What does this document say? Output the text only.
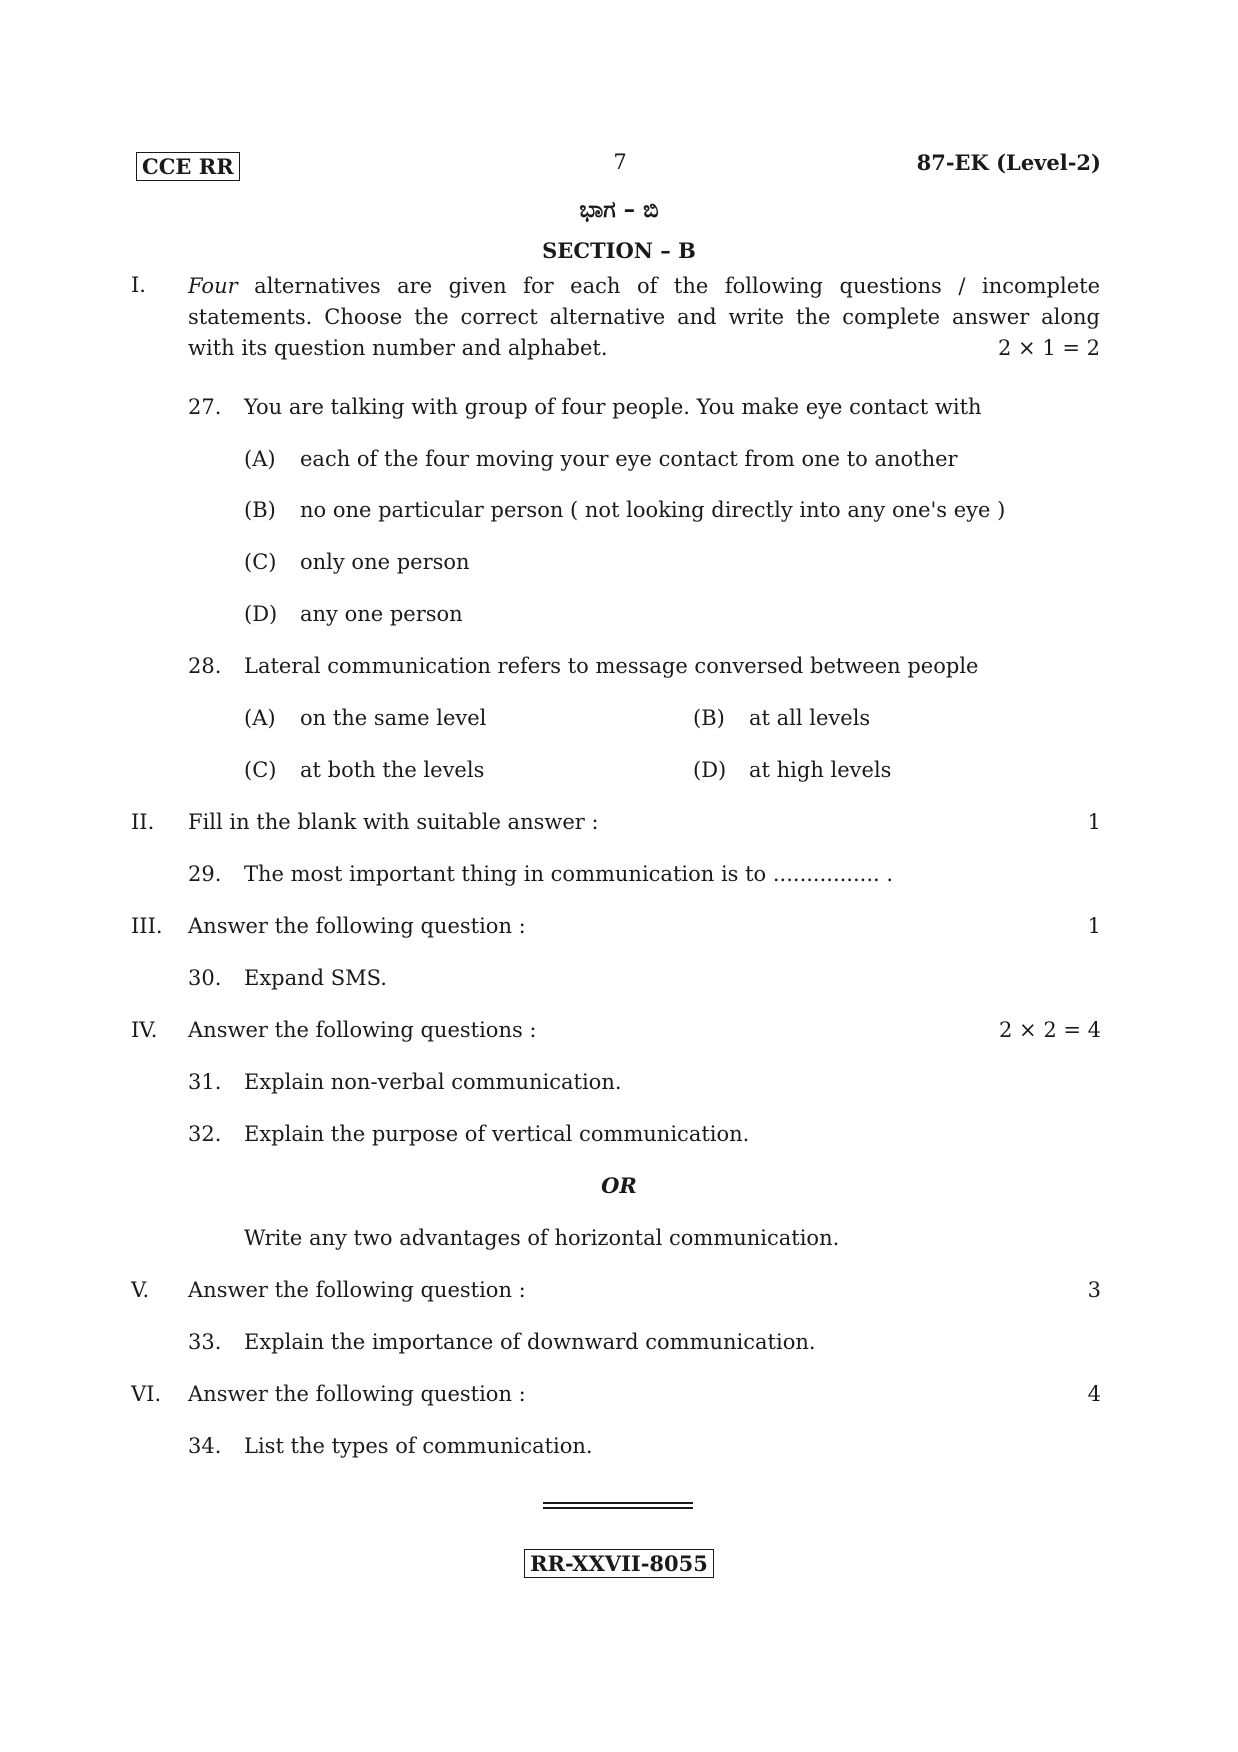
CCE RR	7	87-EK (Level-2)
ಭಾಗ – ಬಿ
SECTION – B
I. Four alternatives are given for each of the following questions / incomplete
statements. Choose the correct alternative and write the complete answer along
with its question number and alphabet.	2 × 1 = 2
27. You are talking with group of four people. You make eye contact with
(A) each of the four moving your eye contact from one to another
(B) no one particular person ( not looking directly into any one's eye )
(C) only one person
(D) any one person
28. Lateral communication refers to message conversed between people
(A) on the same level	(B) at all levels
(C) at both the levels	(D) at high levels
II. Fill in the blank with suitable answer :	1
29. The most important thing in communication is to ................ .
III. Answer the following question :	1
30. Expand SMS.
IV. Answer the following questions :	2 × 2 = 4
31. Explain non-verbal communication.
32. Explain the purpose of vertical communication.
OR
Write any two advantages of horizontal communication.
V. Answer the following question :	3
33. Explain the importance of downward communication.
VI. Answer the following question :	4
34. List the types of communication.
RR-XXVII-8055
